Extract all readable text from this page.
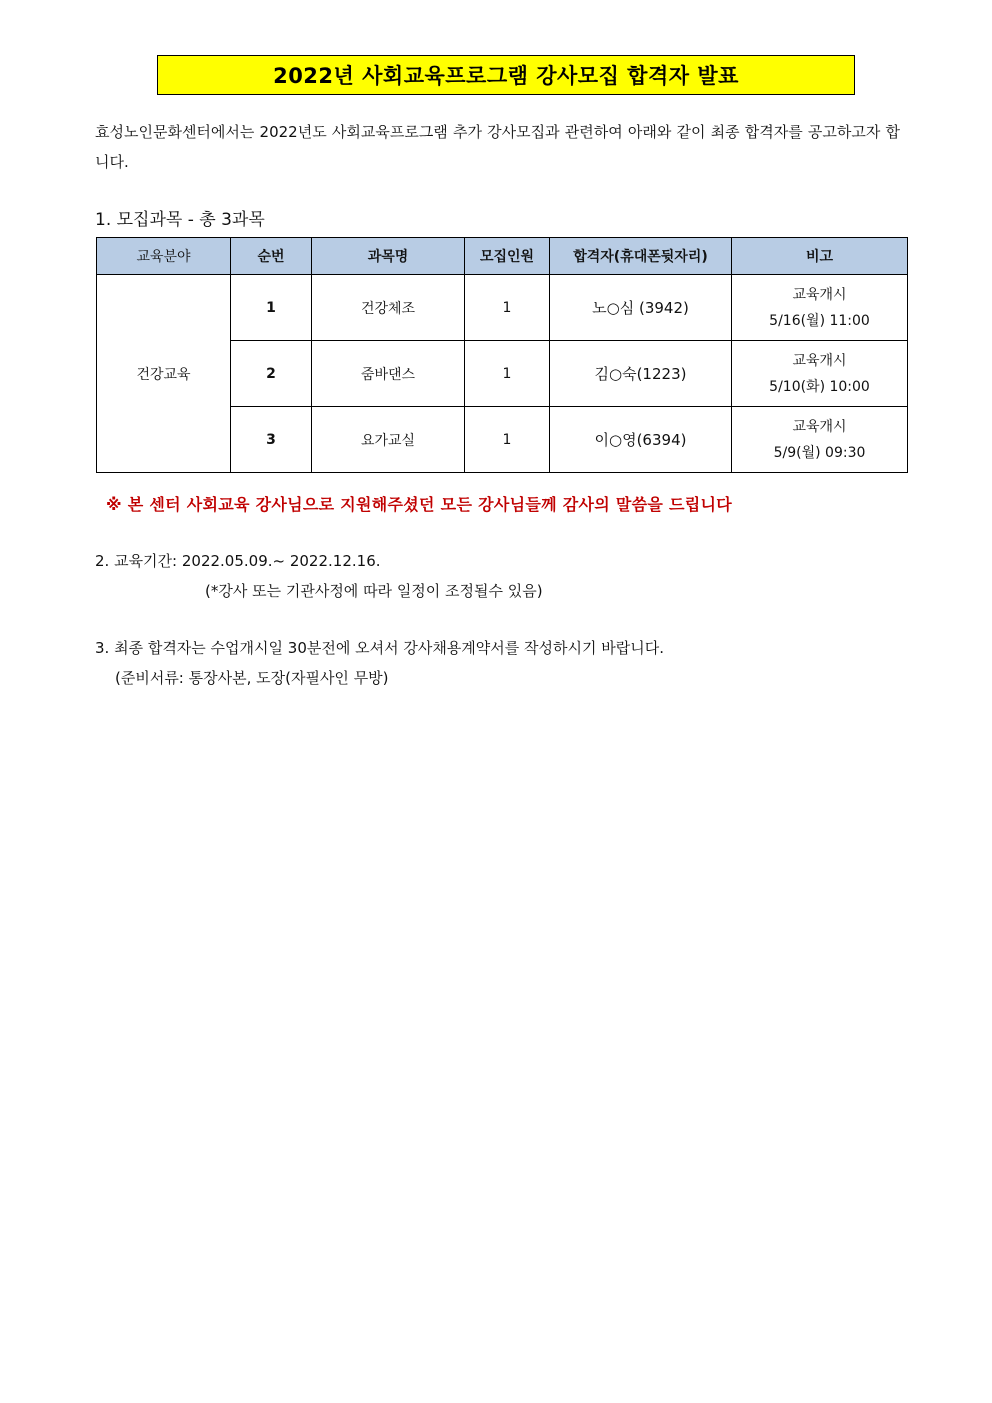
2022년 사회교육프로그램 강사모집 합격자 발표
효성노인문화센터에서는 2022년도 사회교육프로그램 추가 강사모집과 관련하여 아래와 같이 최종 합격자를 공고하고자 합니다.
1. 모집과목 - 총 3과목
교육분야	순번	과목명	모집인원	합격자(휴대폰뒷자리)	비고
건강교육	1	건강체조	1	노○심 (3942)	교육개시
5/16(월) 11:00

	2	줌바댄스	1	김○숙(1223)	교육개시
5/10(화) 10:00

	3	요가교실	1	이○영(6394)	교육개시
5/9(월) 09:30
※ 본 센터 사회교육 강사님으로 지원해주셨던 모든 강사님들께 감사의 말씀을 드립니다
2. 교육기간: 2022.05.09.~ 2022.12.16.
(*강사 또는 기관사정에 따라 일정이 조정될수 있음)
3. 최종 합격자는 수업개시일 30분전에 오셔서 강사채용계약서를 작성하시기 바랍니다.
(준비서류: 통장사본, 도장(자필사인 무방)
